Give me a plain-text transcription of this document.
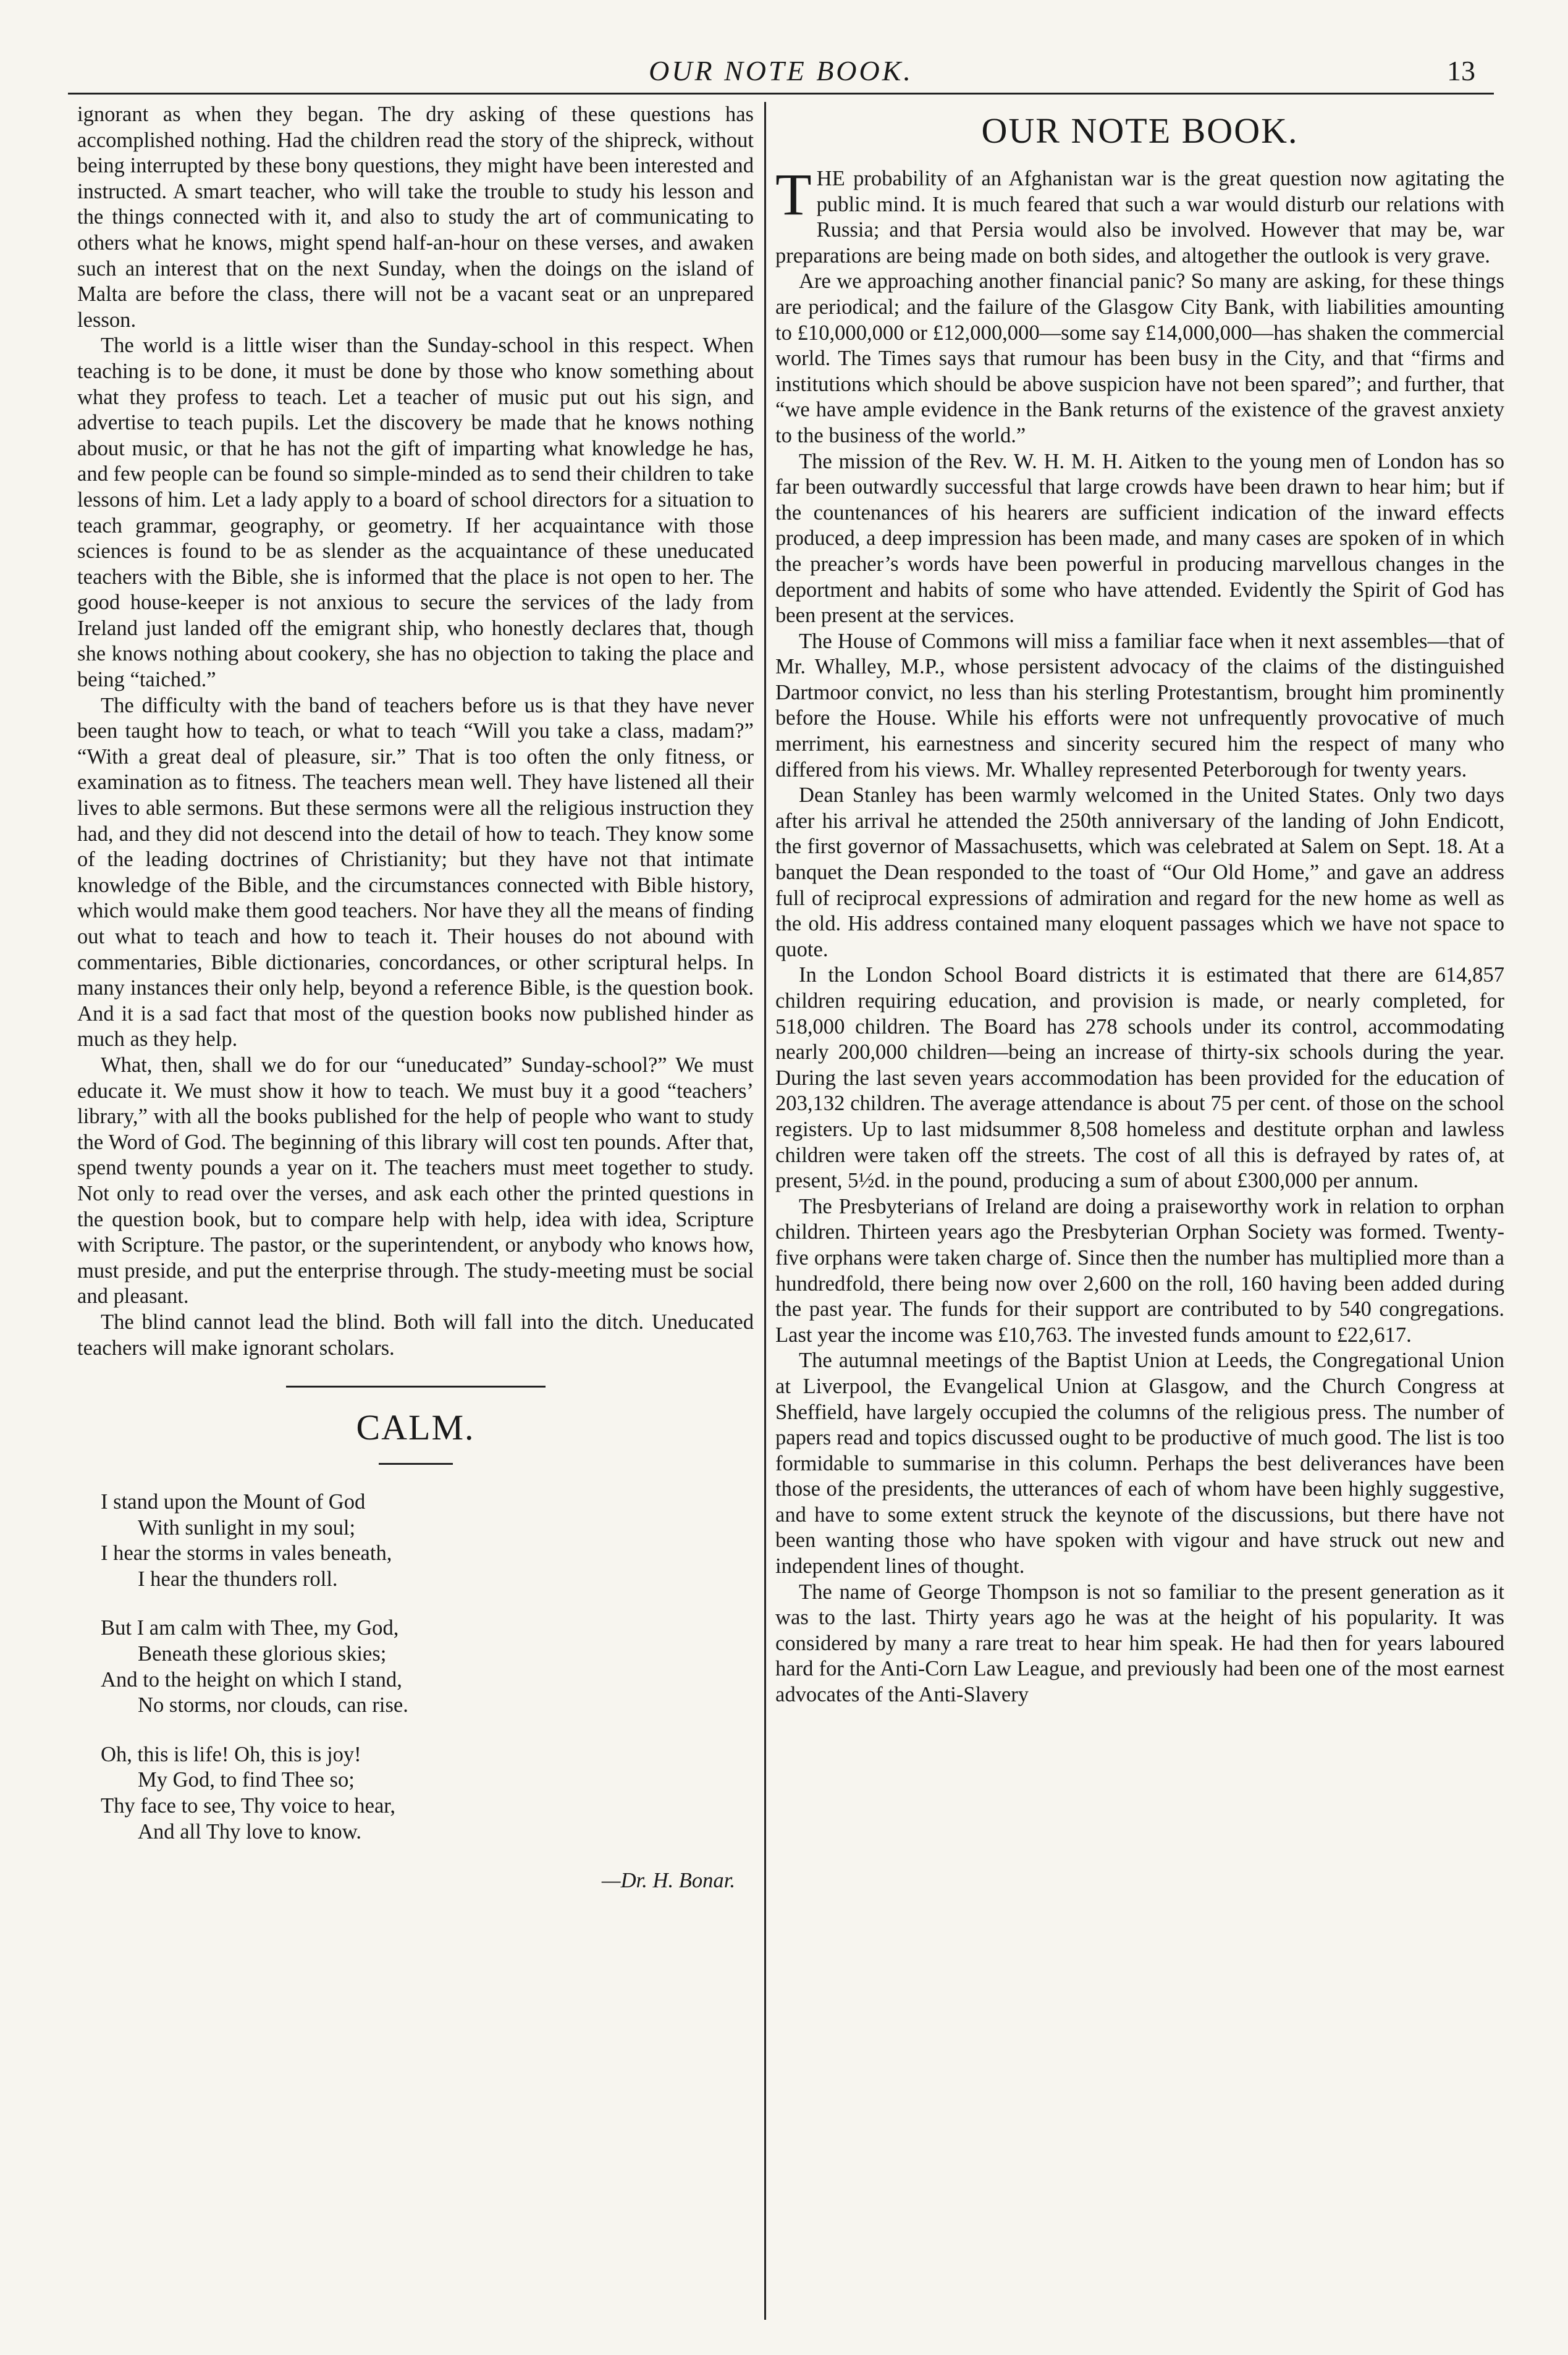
OUR NOTE BOOK.	13

ignorant as when they began. The dry asking of these questions has accomplished nothing. Had the children read the story of the shipreck, without being interrupted by these bony questions, they might have been interested and instructed. A smart teacher, who will take the trouble to study his lesson and the things connected with it, and also to study the art of communicating to others what he knows, might spend half-an-hour on these verses, and awaken such an interest that on the next Sunday, when the doings on the island of Malta are before the class, there will not be a vacant seat or an unprepared lesson.

The world is a little wiser than the Sunday-school in this respect. When teaching is to be done, it must be done by those who know something about what they profess to teach. Let a teacher of music put out his sign, and advertise to teach pupils. Let the discovery be made that he knows nothing about music, or that he has not the gift of imparting what knowledge he has, and few people can be found so simple-minded as to send their children to take lessons of him. Let a lady apply to a board of school directors for a situation to teach grammar, geography, or geometry. If her acquaintance with those sciences is found to be as slender as the acquaintance of these uneducated teachers with the Bible, she is informed that the place is not open to her. The good house-keeper is not anxious to secure the services of the lady from Ireland just landed off the emigrant ship, who honestly declares that, though she knows nothing about cookery, she has no objection to taking the place and being “taiched.”

The difficulty with the band of teachers before us is that they have never been taught how to teach, or what to teach “Will you take a class, madam?” “With a great deal of pleasure, sir.” That is too often the only fitness, or examination as to fitness. The teachers mean well. They have listened all their lives to able sermons. But these sermons were all the religious instruction they had, and they did not descend into the detail of how to teach. They know some of the leading doctrines of Christianity; but they have not that intimate knowledge of the Bible, and the circumstances connected with Bible history, which would make them good teachers. Nor have they all the means of finding out what to teach and how to teach it. Their houses do not abound with commentaries, Bible dictionaries, concordances, or other scriptural helps. In many instances their only help, beyond a reference Bible, is the question book. And it is a sad fact that most of the question books now published hinder as much as they help.

What, then, shall we do for our “uneducated” Sunday-school?” We must educate it. We must show it how to teach. We must buy it a good “teachers’ library,” with all the books published for the help of people who want to study the Word of God. The beginning of this library will cost ten pounds. After that, spend twenty pounds a year on it. The teachers must meet together to study. Not only to read over the verses, and ask each other the printed questions in the question book, but to compare help with help, idea with idea, Scripture with Scripture. The pastor, or the superintendent, or anybody who knows how, must preside, and put the enterprise through. The study-meeting must be social and pleasant.

The blind cannot lead the blind. Both will fall into the ditch. Uneducated teachers will make ignorant scholars.

CALM.
I stand upon the Mount of God
With sunlight in my soul;
I hear the storms in vales beneath,
I hear the thunders roll.
But I am calm with Thee, my God,
Beneath these glorious skies;
And to the height on which I stand,
No storms, nor clouds, can rise.
Oh, this is life! Oh, this is joy!
My God, to find Thee so;
Thy face to see, Thy voice to hear,
And all Thy love to know.
—Dr. H. Bonar.
OUR NOTE BOOK.

THE probability of an Afghanistan war is the great question now agitating the public mind. It is much feared that such a war would disturb our relations with Russia; and that Persia would also be involved. However that may be, war preparations are being made on both sides, and altogether the outlook is very grave.

Are we approaching another financial panic? So many are asking, for these things are periodical; and the failure of the Glasgow City Bank, with liabilities amounting to £10,000,000 or £12,000,000—some say £14,000,000—has shaken the commercial world. The Times says that rumour has been busy in the City, and that “firms and institutions which should be above suspicion have not been spared”; and further, that “we have ample evidence in the Bank returns of the existence of the gravest anxiety to the business of the world.”

The mission of the Rev. W. H. M. H. Aitken to the young men of London has so far been outwardly successful that large crowds have been drawn to hear him; but if the countenances of his hearers are sufficient indication of the inward effects produced, a deep impression has been made, and many cases are spoken of in which the preacher’s words have been powerful in producing marvellous changes in the deportment and habits of some who have attended. Evidently the Spirit of God has been present at the services.

The House of Commons will miss a familiar face when it next assembles—that of Mr. Whalley, M.P., whose persistent advocacy of the claims of the distinguished Dartmoor convict, no less than his sterling Protestantism, brought him prominently before the House. While his efforts were not unfrequently provocative of much merriment, his earnestness and sincerity secured him the respect of many who differed from his views. Mr. Whalley represented Peterborough for twenty years.

Dean Stanley has been warmly welcomed in the United States. Only two days after his arrival he attended the 250th anniversary of the landing of John Endicott, the first governor of Massachusetts, which was celebrated at Salem on Sept. 18. At a banquet the Dean responded to the toast of “Our Old Home,” and gave an address full of reciprocal expressions of admiration and regard for the new home as well as the old. His address contained many eloquent passages which we have not space to quote.

In the London School Board districts it is estimated that there are 614,857 children requiring education, and provision is made, or nearly completed, for 518,000 children. The Board has 278 schools under its control, accommodating nearly 200,000 children—being an increase of thirty-six schools during the year. During the last seven years accommodation has been provided for the education of 203,132 children. The average attendance is about 75 per cent. of those on the school registers. Up to last midsummer 8,508 homeless and destitute orphan and lawless children were taken off the streets. The cost of all this is defrayed by rates of, at present, 5½d. in the pound, producing a sum of about £300,000 per annum.

The Presbyterians of Ireland are doing a praiseworthy work in relation to orphan children. Thirteen years ago the Presbyterian Orphan Society was formed. Twenty-five orphans were taken charge of. Since then the number has multiplied more than a hundredfold, there being now over 2,600 on the roll, 160 having been added during the past year. The funds for their support are contributed to by 540 congregations. Last year the income was £10,763. The invested funds amount to £22,617.

The autumnal meetings of the Baptist Union at Leeds, the Congregational Union at Liverpool, the Evangelical Union at Glasgow, and the Church Congress at Sheffield, have largely occupied the columns of the religious press. The number of papers read and topics discussed ought to be productive of much good. The list is too formidable to summarise in this column. Perhaps the best deliverances have been those of the presidents, the utterances of each of whom have been highly suggestive, and have to some extent struck the keynote of the discussions, but there have not been wanting those who have spoken with vigour and have struck out new and independent lines of thought.

The name of George Thompson is not so familiar to the present generation as it was to the last. Thirty years ago he was at the height of his popularity. It was considered by many a rare treat to hear him speak. He had then for years laboured hard for the Anti-Corn Law League, and previously had been one of the most earnest advocates of the Anti-Slavery
